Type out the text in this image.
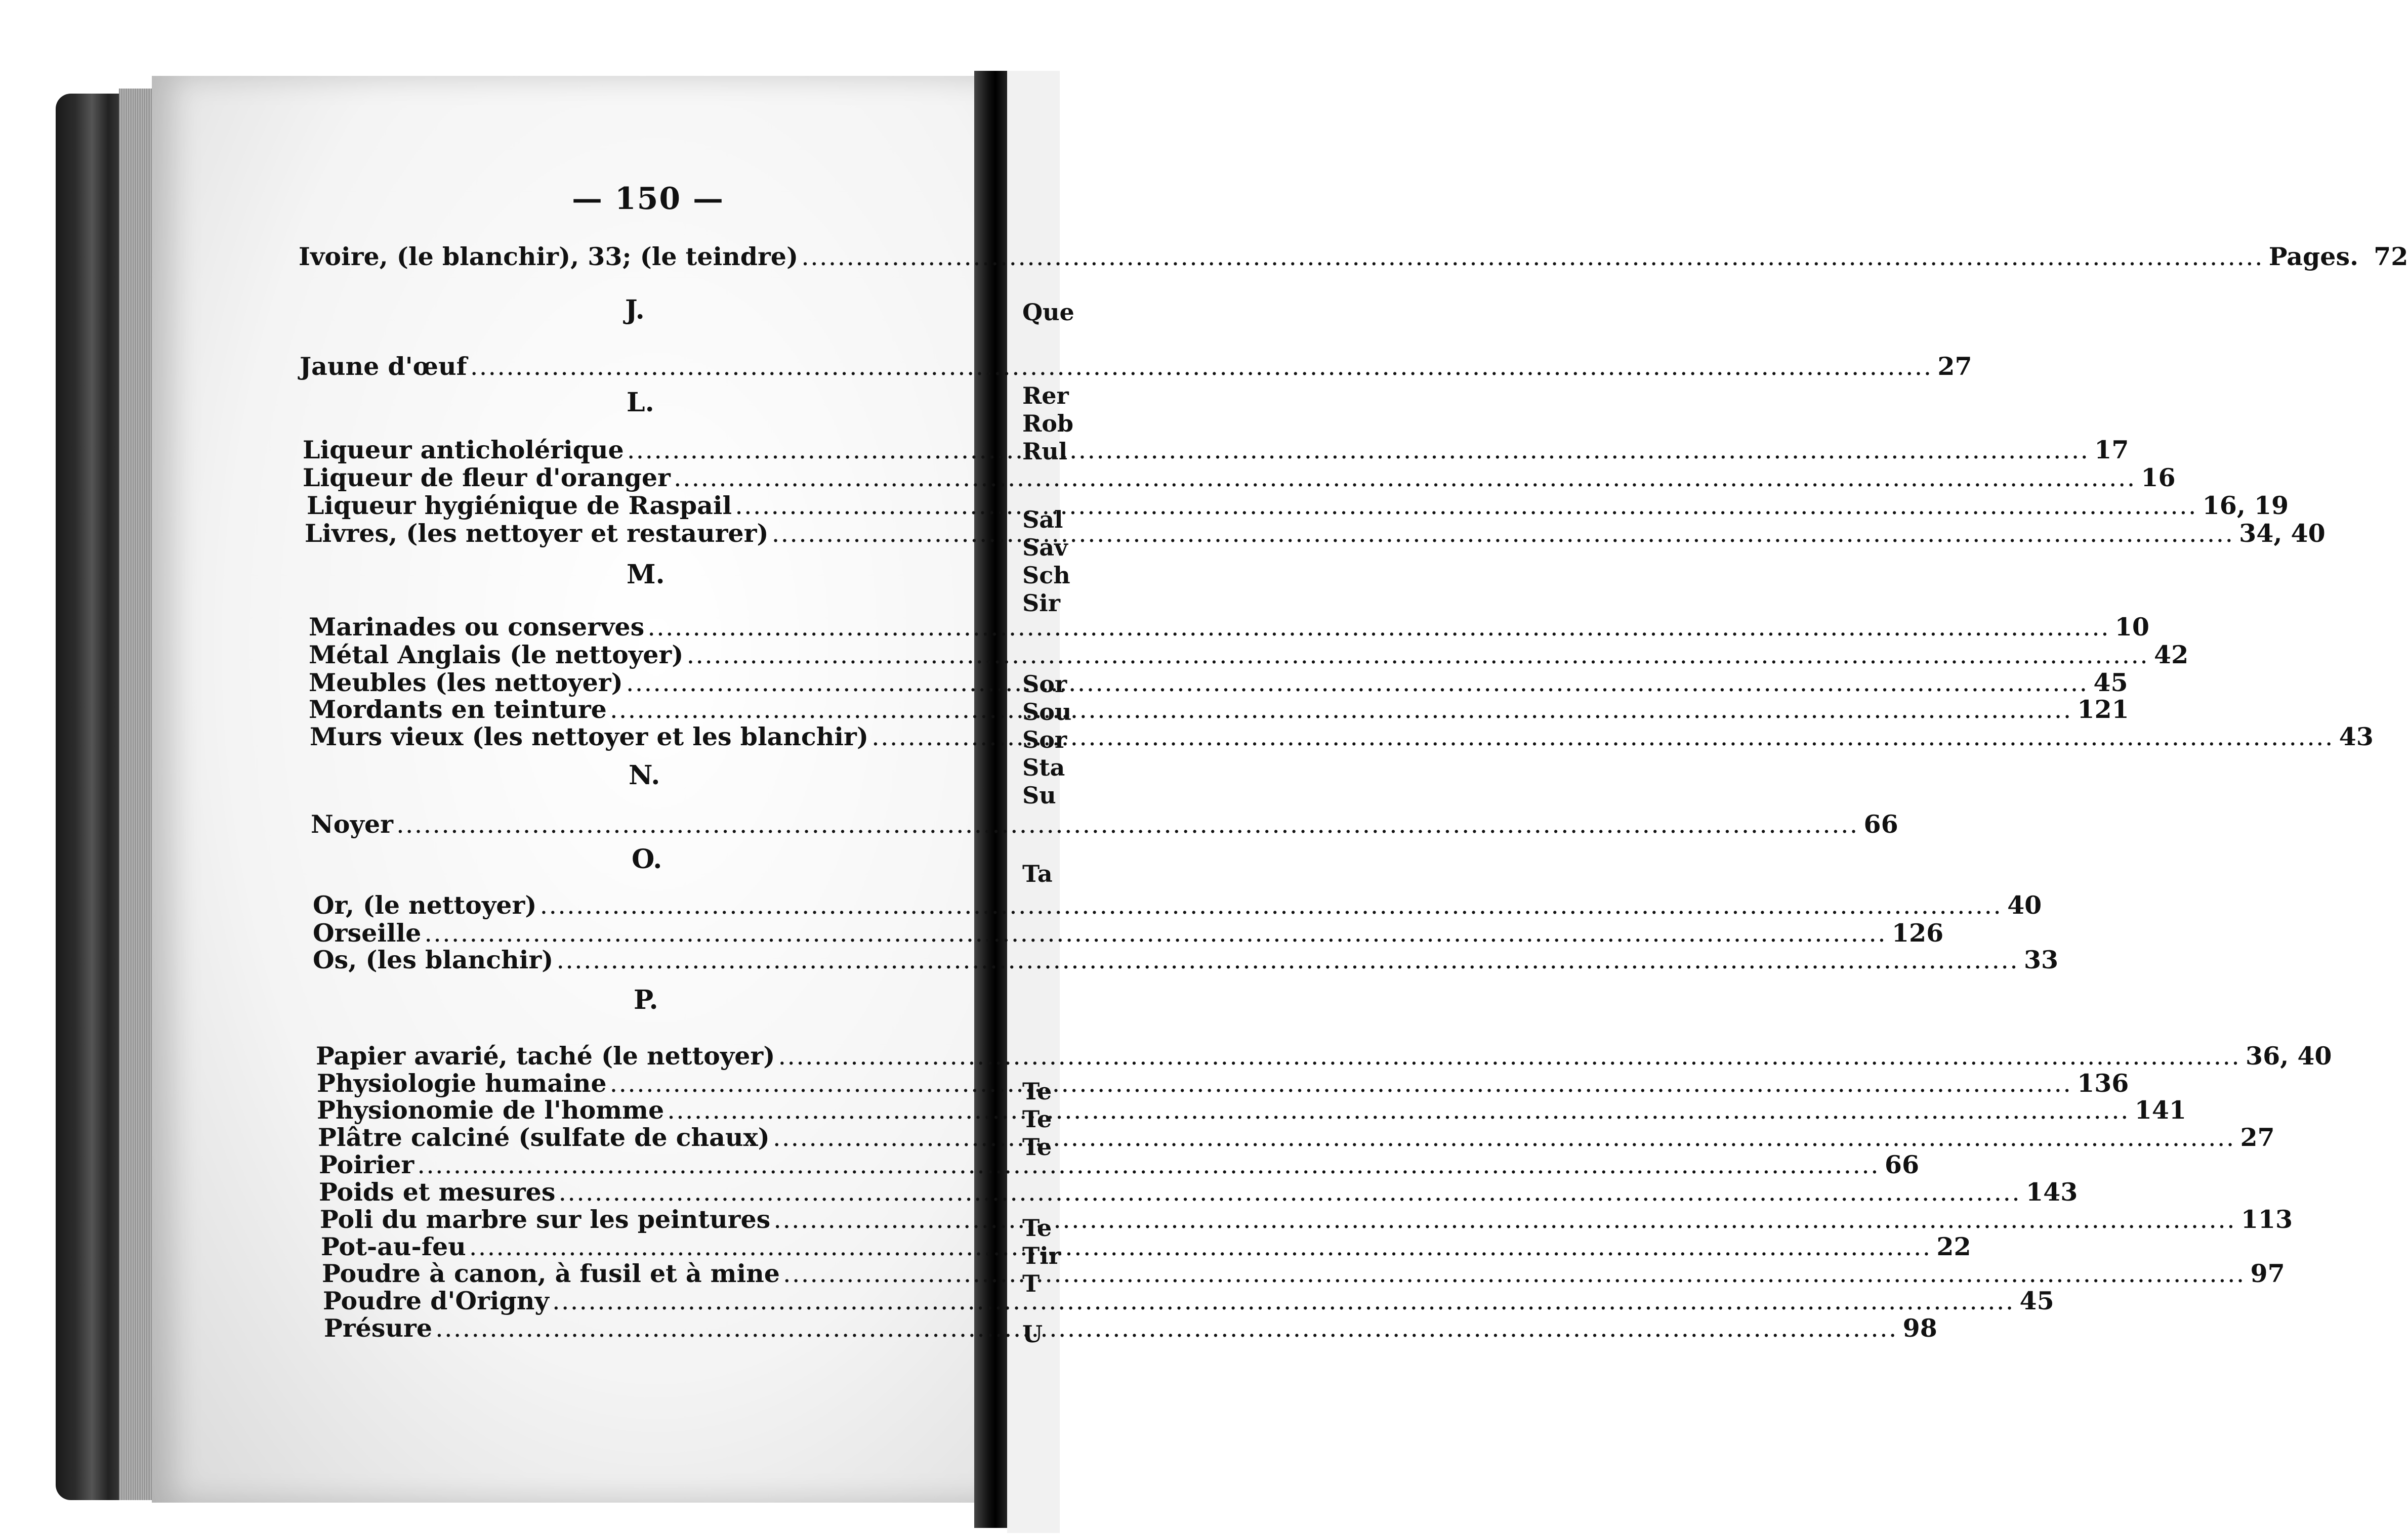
— 150 —
Ivoire, (le blanchir), 33; (le teindre) .....	Pages. 72
J.
Jaune d'œuf .....	27
L.
Liqueur anticholérique .....	17
Liqueur de fleur d'oranger .....	16
Liqueur hygiénique de Raspail .....	16, 19
Livres, (les nettoyer et restaurer) .....	34, 40
M.
Marinades ou conserves .....	10
Métal Anglais (le nettoyer) .....	42
Meubles (les nettoyer) .....	45
Mordants en teinture .....	121
Murs vieux (les nettoyer et les blanchir) .....	43
N.
Noyer .....	66
O.
Or, (le nettoyer) .....	40
Orseille .....	126
Os, (les blanchir) .....	33
P.
Papier avarié, taché (le nettoyer) .....	36, 40
Physiologie humaine .....	136
Physionomie de l'homme .....	141
Plâtre calciné (sulfate de chaux) .....	27
Poirier .....	66
Poids et mesures .....	143
Poli du marbre sur les peintures .....	113
Pot-au-feu .....	22
Poudre à canon, à fusil et à mine .....	97
Poudre d'Origny .....	45
Présure .....	98
Que
Rer
Rob
Rul
Sal
Sav
Sch
Sir
Sor
Sou
Sor
Sta
Su
Ta
Te
Te
Te
Te
Tir
T
U
